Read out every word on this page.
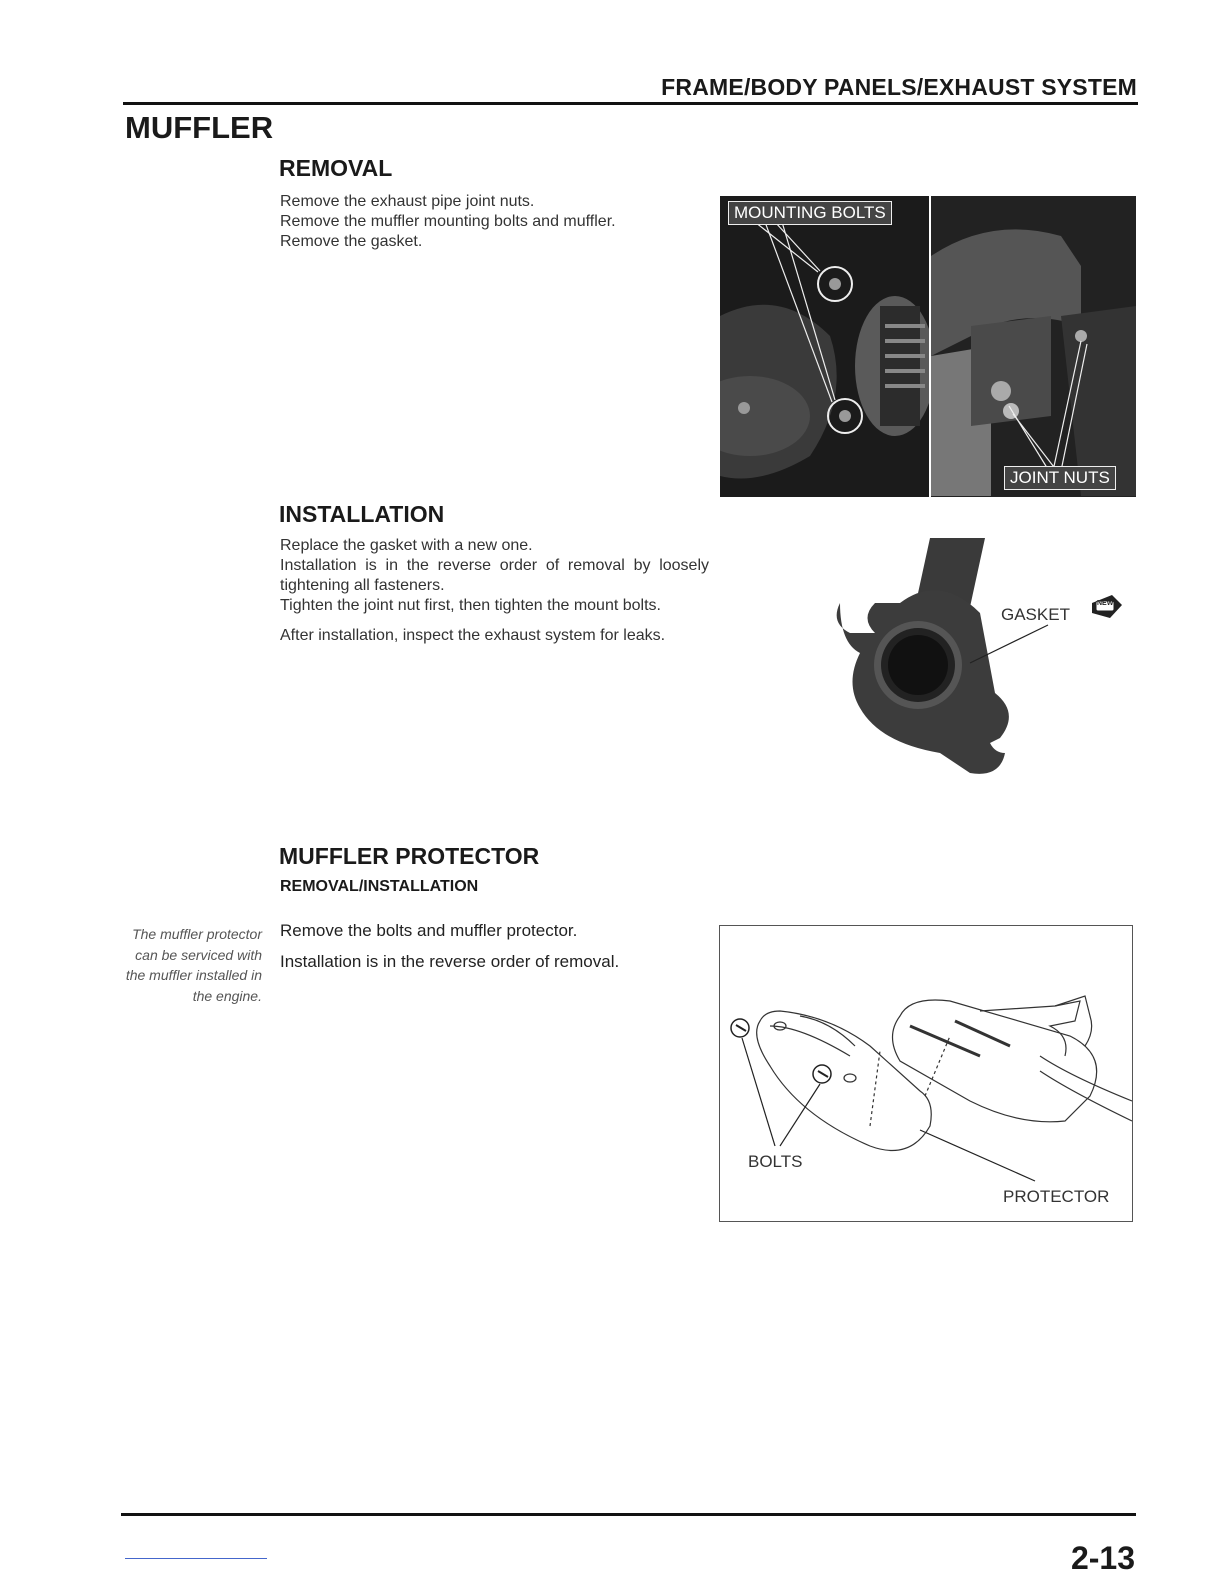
FRAME/BODY PANELS/EXHAUST SYSTEM
MUFFLER
REMOVAL

Remove the exhaust pipe joint nuts.

Remove the muffler mounting bolts and muffler.

Remove the gasket.

MOUNTING BOLTS
JOINT NUTS
INSTALLATION

Replace the gasket with a new one.

Installation is in the reverse order of removal by loosely tightening all fasteners.

Tighten the joint nut first, then tighten the mount bolts.

After installation, inspect the exhaust system for leaks.

GASKET
NEW
MUFFLER PROTECTOR
REMOVAL/INSTALLATION
The muffler protector can be serviced with the muffler installed in the engine.

Remove the bolts and muffler protector.

Installation is in the reverse order of removal.

BOLTS
PROTECTOR
2-13
